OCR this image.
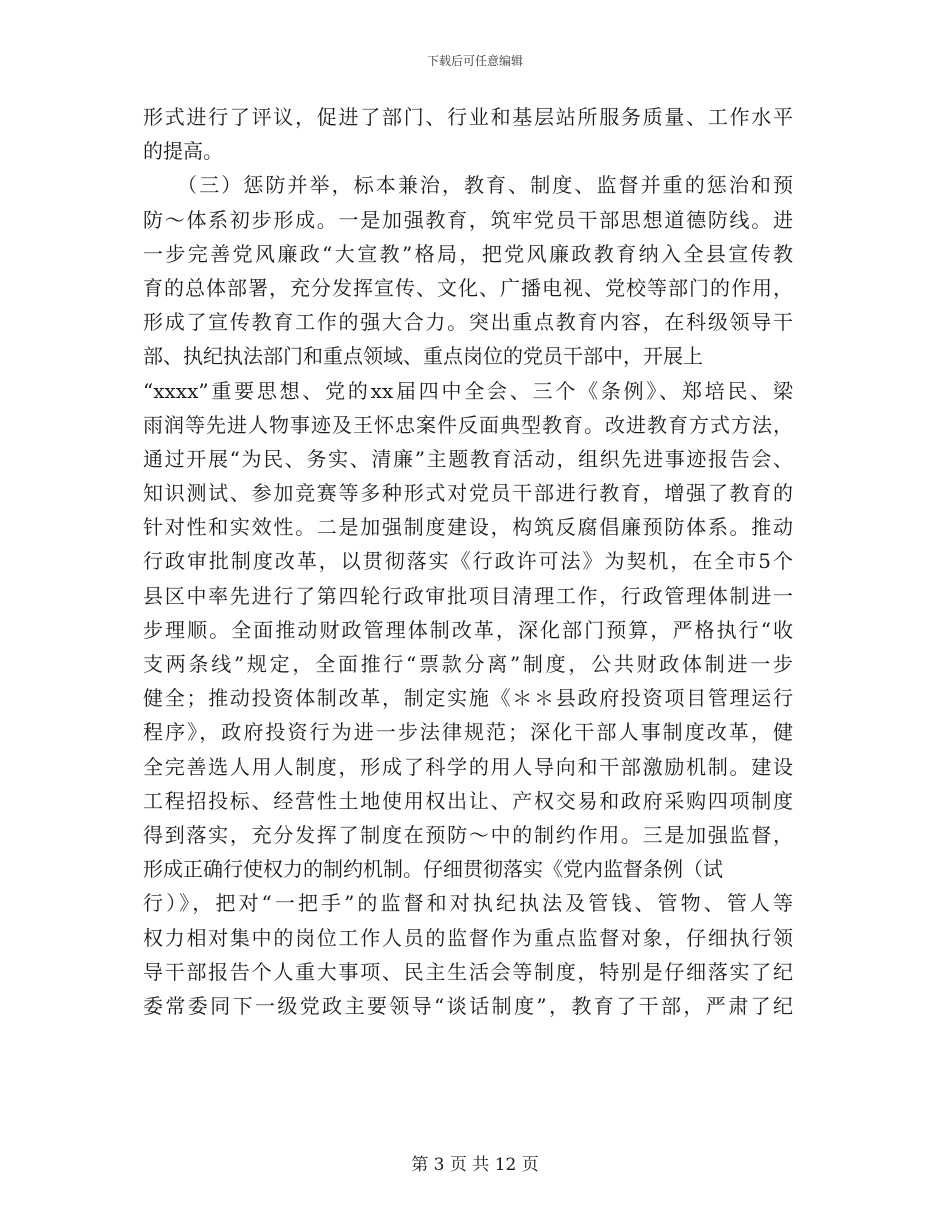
下载后可任意编辑
形式进行了评议，促进了部门、行业和基层站所服务质量、工作水平
的提高。
　　（三）惩防并举，标本兼治，教育、制度、监督并重的惩治和预
防～体系初步形成。一是加强教育，筑牢党员干部思想道德防线。进
一步完善党风廉政“大宣教”格局，把党风廉政教育纳入全县宣传教
育的总体部署，充分发挥宣传、文化、广播电视、党校等部门的作用，
形成了宣传教育工作的强大合力。突出重点教育内容，在科级领导干
部、执纪执法部门和重点领域、重点岗位的党员干部中，开展上
“xxxx”重要思想、党的xx届四中全会、三个《条例》、郑培民、梁
雨润等先进人物事迹及王怀忠案件反面典型教育。改进教育方式方法，
通过开展“为民、务实、清廉”主题教育活动，组织先进事迹报告会、
知识测试、参加竞赛等多种形式对党员干部进行教育，增强了教育的
针对性和实效性。二是加强制度建设，构筑反腐倡廉预防体系。推动
行政审批制度改革，以贯彻落实《行政许可法》为契机，在全市5个
县区中率先进行了第四轮行政审批项目清理工作，行政管理体制进一
步理顺。全面推动财政管理体制改革，深化部门预算，严格执行“收
支两条线”规定，全面推行“票款分离”制度，公共财政体制进一步
健全；推动投资体制改革，制定实施《＊＊县政府投资项目管理运行
程序》，政府投资行为进一步法律规范；深化干部人事制度改革，健
全完善选人用人制度，形成了科学的用人导向和干部激励机制。建设
工程招投标、经营性土地使用权出让、产权交易和政府采购四项制度
得到落实，充分发挥了制度在预防～中的制约作用。三是加强监督，
形成正确行使权力的制约机制。仔细贯彻落实《党内监督条例（试
行）》，把对“一把手”的监督和对执纪执法及管钱、管物、管人等
权力相对集中的岗位工作人员的监督作为重点监督对象，仔细执行领
导干部报告个人重大事项、民主生活会等制度，特别是仔细落实了纪
委常委同下一级党政主要领导“谈话制度”，教育了干部，严肃了纪
第 3 页 共 12 页
